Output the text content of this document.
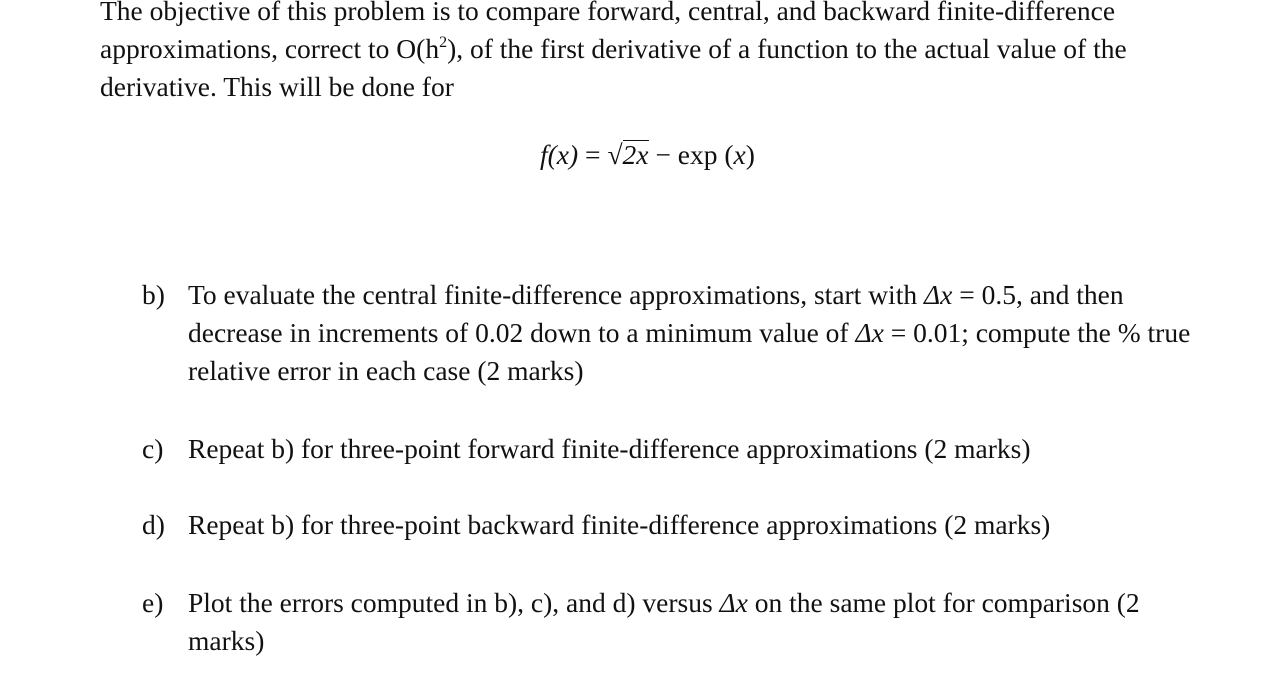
The objective of this problem is to compare forward, central, and backward finite-difference approximations, correct to $O(h^2)$, of the first derivative of a function to the actual value of the derivative. This will be done for
f(x) = √2x − exp (x)
b) To evaluate the central finite-difference approximations, start with Δx = 0.5, and then decrease in increments of 0.02 down to a minimum value of Δx = 0.01; compute the % true relative error in each case (2 marks)
c) Repeat b) for three-point forward finite-difference approximations (2 marks)
d) Repeat b) for three-point backward finite-difference approximations (2 marks)
e) Plot the errors computed in b), c), and d) versus Δx on the same plot for comparison (2 marks)
